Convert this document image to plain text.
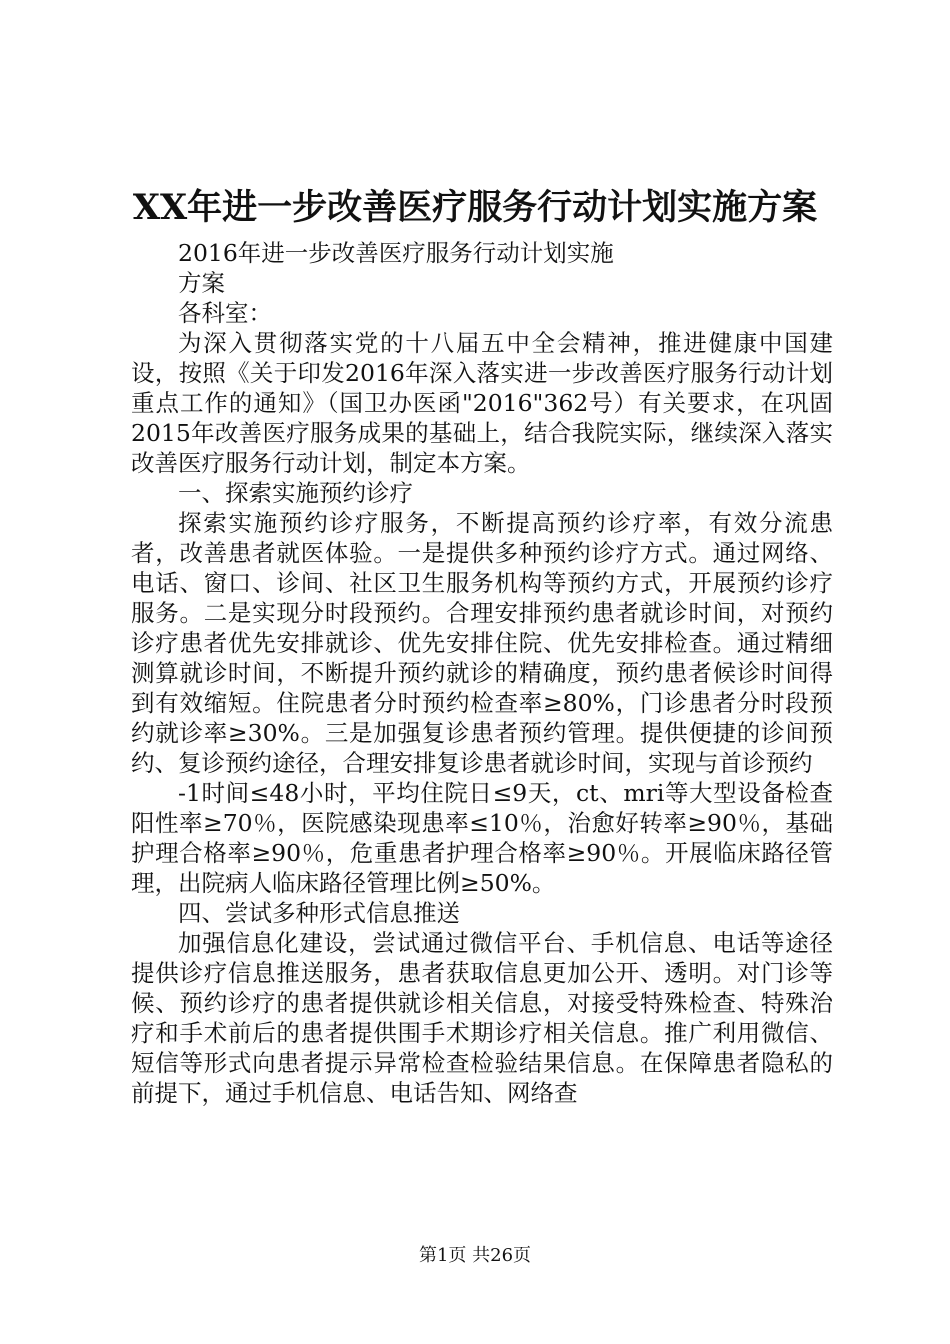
XX年进一步改善医疗服务行动计划实施方案

2016年进一步改善医疗服务行动计划实施

方案

各科室：

为深入贯彻落实党的十八届五中全会精神，推进健康中国建设，按照《关于印发2016年深入落实进一步改善医疗服务行动计划重点工作的通知》（国卫办医函"2016"362号）有关要求，在巩固2015年改善医疗服务成果的基础上，结合我院实际，继续深入落实改善医疗服务行动计划，制定本方案。

一、探索实施预约诊疗

探索实施预约诊疗服务，不断提高预约诊疗率，有效分流患者，改善患者就医体验。一是提供多种预约诊疗方式。通过网络、电话、窗口、诊间、社区卫生服务机构等预约方式，开展预约诊疗服务。二是实现分时段预约。合理安排预约患者就诊时间，对预约诊疗患者优先安排就诊、优先安排住院、优先安排检查。通过精细测算就诊时间，不断提升预约就诊的精确度，预约患者候诊时间得到有效缩短。住院患者分时预约检查率≥80%，门诊患者分时段预约就诊率≥30%。三是加强复诊患者预约管理。提供便捷的诊间预约、复诊预约途径，合理安排复诊患者就诊时间，实现与首诊预约

-1时间≤48小时，平均住院日≤9天，ct、mri等大型设备检查阳性率≥70％，医院感染现患率≤10％，治愈好转率≥90％，基础护理合格率≥90％，危重患者护理合格率≥90％。开展临床路径管理，出院病人临床路径管理比例≥50%。

四、尝试多种形式信息推送

加强信息化建设，尝试通过微信平台、手机信息、电话等途径提供诊疗信息推送服务，患者获取信息更加公开、透明。对门诊等候、预约诊疗的患者提供就诊相关信息，对接受特殊检查、特殊治疗和手术前后的患者提供围手术期诊疗相关信息。推广利用微信、短信等形式向患者提示异常检查检验结果信息。在保障患者隐私的前提下，通过手机信息、电话告知、网络查

第1页 共26页
